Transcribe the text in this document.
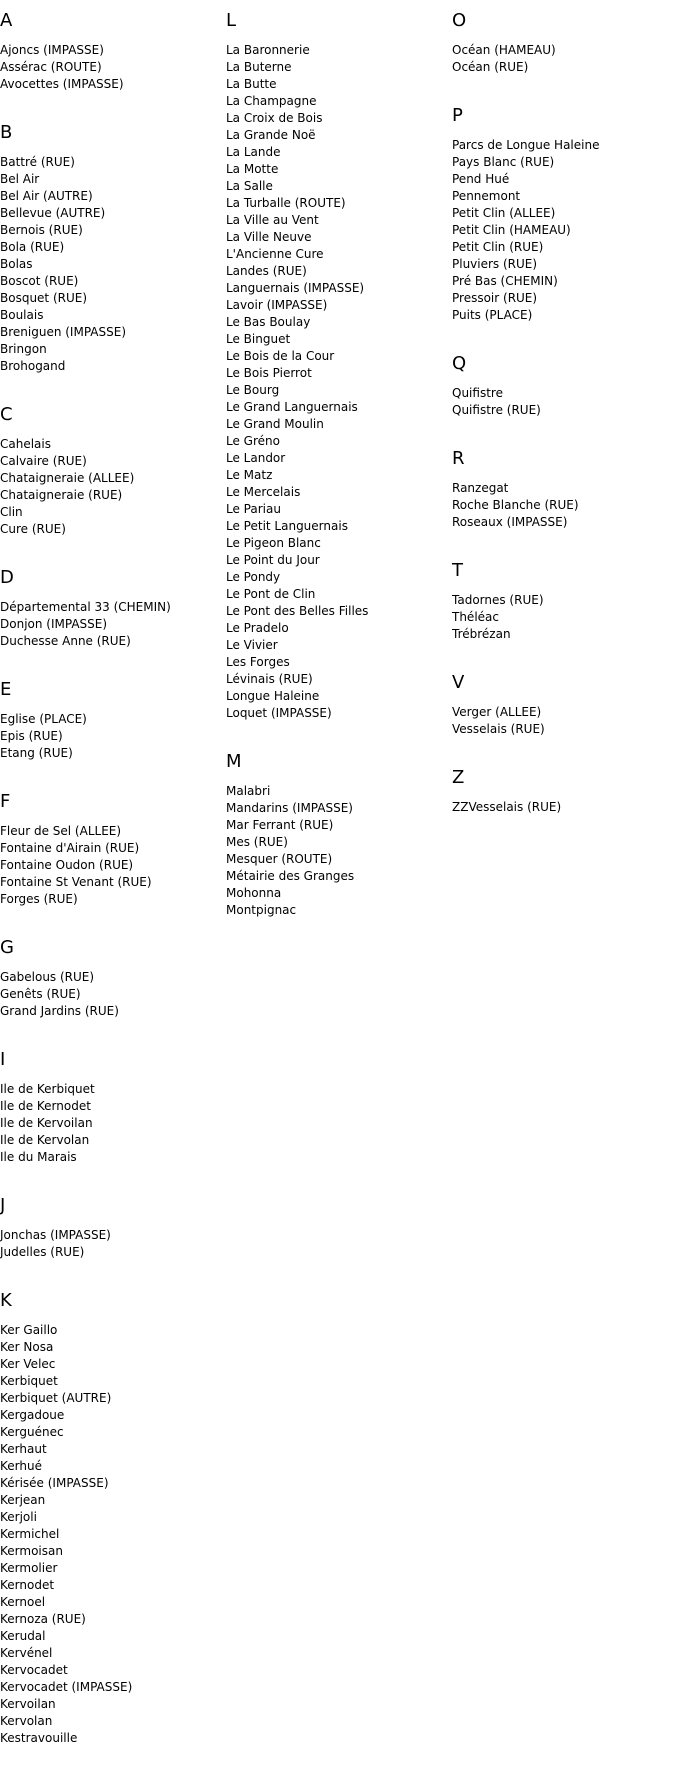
A
Ajoncs (IMPASSE)
Assérac (ROUTE)
Avocettes (IMPASSE)
B
Battré (RUE)
Bel Air
Bel Air (AUTRE)
Bellevue (AUTRE)
Bernois (RUE)
Bola (RUE)
Bolas
Boscot (RUE)
Bosquet (RUE)
Boulais
Breniguen (IMPASSE)
Bringon
Brohogand
C
Cahelais
Calvaire (RUE)
Chataigneraie (ALLEE)
Chataigneraie (RUE)
Clin
Cure (RUE)
D
Départemental 33 (CHEMIN)
Donjon (IMPASSE)
Duchesse Anne (RUE)
E
Eglise (PLACE)
Epis (RUE)
Etang (RUE)
F
Fleur de Sel (ALLEE)
Fontaine d'Airain (RUE)
Fontaine Oudon (RUE)
Fontaine St Venant (RUE)
Forges (RUE)
G
Gabelous (RUE)
Genêts (RUE)
Grand Jardins (RUE)
I
Ile de Kerbiquet
Ile de Kernodet
Ile de Kervoilan
Ile de Kervolan
Ile du Marais
J
Jonchas (IMPASSE)
Judelles (RUE)
K
Ker Gaillo
Ker Nosa
Ker Velec
Kerbiquet
Kerbiquet (AUTRE)
Kergadoue
Kerguénec
Kerhaut
Kerhué
Kérisée (IMPASSE)
Kerjean
Kerjoli
Kermichel
Kermoisan
Kermolier
Kernodet
Kernoel
Kernoza (RUE)
Kerudal
Kervénel
Kervocadet
Kervocadet (IMPASSE)
Kervoilan
Kervolan
Kestravouille
L
La Baronnerie
La Buterne
La Butte
La Champagne
La Croix de Bois
La Grande Noë
La Lande
La Motte
La Salle
La Turballe (ROUTE)
La Ville au Vent
La Ville Neuve
L'Ancienne Cure
Landes (RUE)
Languernais (IMPASSE)
Lavoir (IMPASSE)
Le Bas Boulay
Le Binguet
Le Bois de la Cour
Le Bois Pierrot
Le Bourg
Le Grand Languernais
Le Grand Moulin
Le Gréno
Le Landor
Le Matz
Le Mercelais
Le Pariau
Le Petit Languernais
Le Pigeon Blanc
Le Point du Jour
Le Pondy
Le Pont de Clin
Le Pont des Belles Filles
Le Pradelo
Le Vivier
Les Forges
Lévinais (RUE)
Longue Haleine
Loquet (IMPASSE)
M
Malabri
Mandarins (IMPASSE)
Mar Ferrant (RUE)
Mes (RUE)
Mesquer (ROUTE)
Métairie des Granges
Mohonna
Montpignac
O
Océan (HAMEAU)
Océan (RUE)
P
Parcs de Longue Haleine
Pays Blanc (RUE)
Pend Hué
Pennemont
Petit Clin (ALLEE)
Petit Clin (HAMEAU)
Petit Clin (RUE)
Pluviers (RUE)
Pré Bas (CHEMIN)
Pressoir (RUE)
Puits (PLACE)
Q
Quifistre
Quifistre (RUE)
R
Ranzegat
Roche Blanche (RUE)
Roseaux (IMPASSE)
T
Tadornes (RUE)
Théléac
Trébrézan
V
Verger (ALLEE)
Vesselais (RUE)
Z
ZZVesselais (RUE)
